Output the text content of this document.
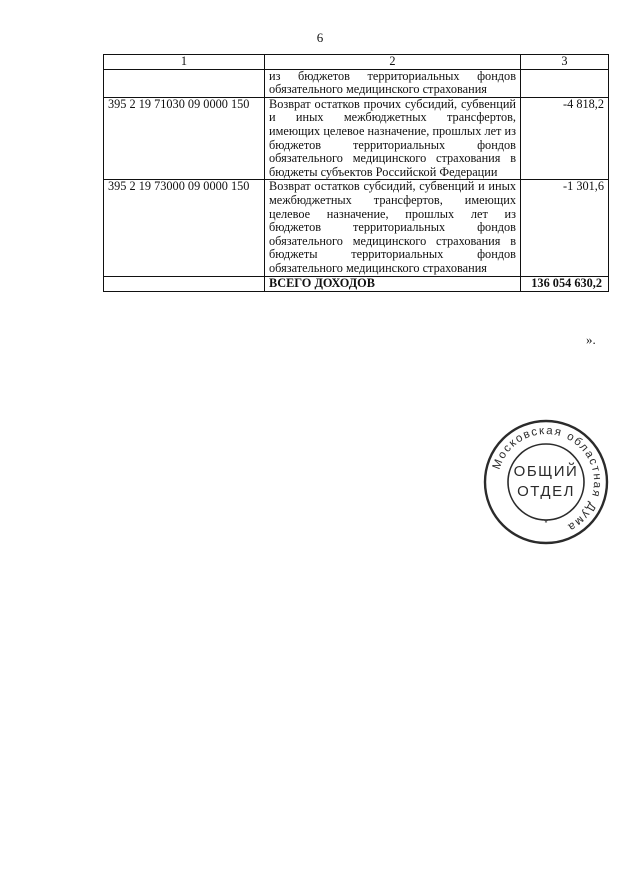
6
1	2	3
	из бюджетов территориальных фондов обязательного медицинского страхования	
395 2 19 71030 09 0000 150	Возврат остатков прочих субсидий, субвенций и иных межбюджетных трансфертов, имеющих целевое назначение, прошлых лет из бюджетов территориальных фондов обязательного медицинского страхования в бюджеты субъектов Российской Федерации	-4 818,2
395 2 19 73000 09 0000 150	Возврат остатков субсидий, субвенций и иных межбюджетных трансфертов, имеющих целевое назначение, прошлых лет из бюджетов территориальных фондов обязательного медицинского страхования в бюджеты территориальных фондов обязательного медицинского страхования	-1 301,6
	ВСЕГО ДОХОДОВ	136 054 630,2
».
Московская областная Дума
*
ОБЩИЙ
ОТДЕЛ
